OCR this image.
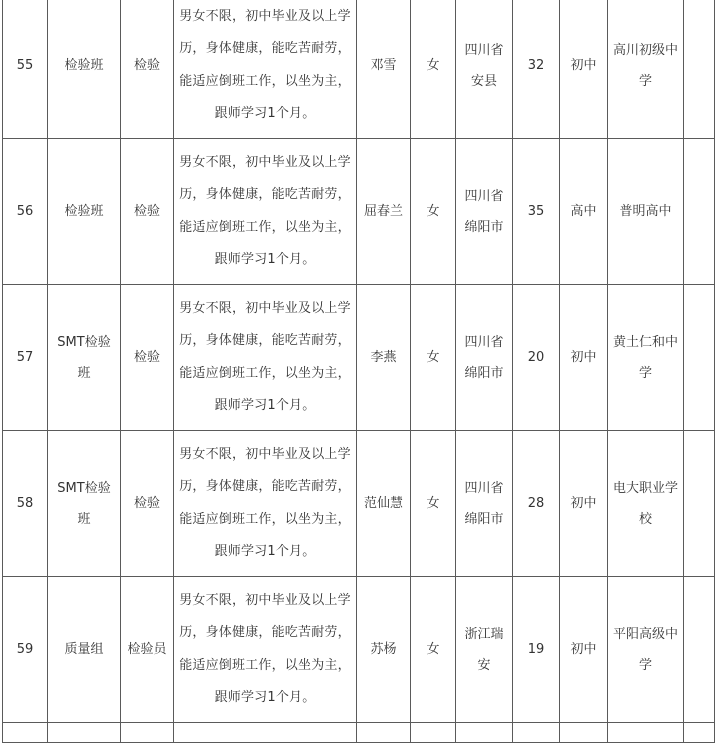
55	检验班	检验	男女不限，初中毕业及以上学历，身体健康，能吃苦耐劳，能适应倒班工作，以坐为主，跟师学习1个月。	邓雪	女	四川省安县	32	初中	高川初级中学	
56	检验班	检验	男女不限，初中毕业及以上学历，身体健康，能吃苦耐劳，能适应倒班工作，以坐为主，跟师学习1个月。	屈春兰	女	四川省绵阳市	35	高中	普明高中	
57	SMT检验班	检验	男女不限，初中毕业及以上学历，身体健康，能吃苦耐劳，能适应倒班工作，以坐为主，跟师学习1个月。	李燕	女	四川省绵阳市	20	初中	黄土仁和中学	
58	SMT检验班	检验	男女不限，初中毕业及以上学历，身体健康，能吃苦耐劳，能适应倒班工作，以坐为主，跟师学习1个月。	范仙慧	女	四川省绵阳市	28	初中	电大职业学校	
59	质量组	检验员	男女不限，初中毕业及以上学历，身体健康，能吃苦耐劳，能适应倒班工作，以坐为主，跟师学习1个月。	苏杨	女	浙江瑞安	19	初中	平阳高级中学	
